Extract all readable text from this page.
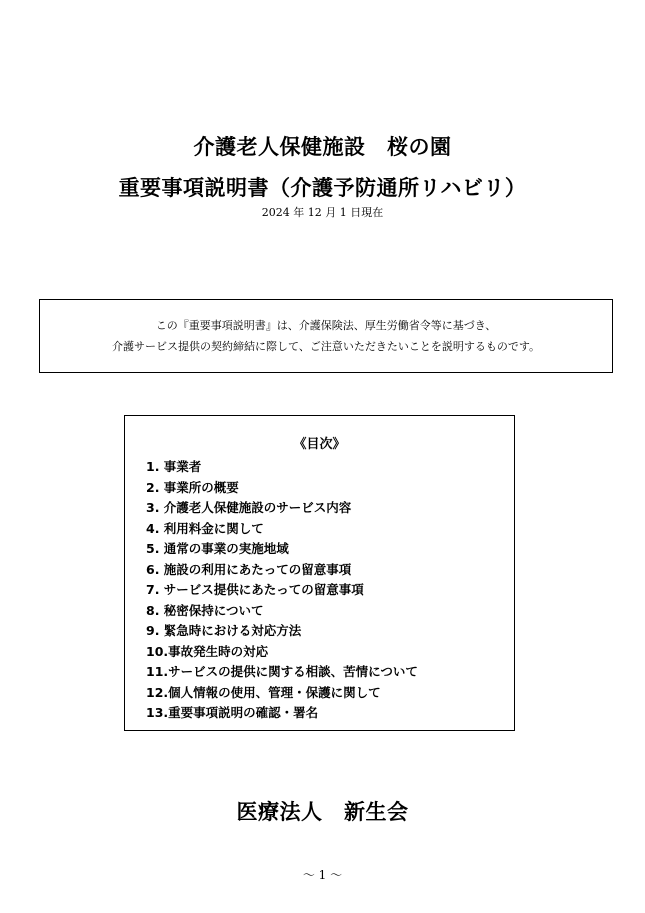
介護老人保健施設　桜の園
重要事項説明書（介護予防通所リハビリ）
2024 年 12 月 1 日現在
この『重要事項説明書』は、介護保険法、厚生労働省令等に基づき、
介護サービス提供の契約締結に際して、ご注意いただきたいことを説明するものです。
《目次》
1. 事業者
2. 事業所の概要
3. 介護老人保健施設のサービス内容
4. 利用料金に関して
5. 通常の事業の実施地域
6. 施設の利用にあたっての留意事項
7. サービス提供にあたっての留意事項
8. 秘密保持について
9. 緊急時における対応方法
10.事故発生時の対応
11.サービスの提供に関する相談、苦情について
12.個人情報の使用、管理・保護に関して
13.重要事項説明の確認・署名
医療法人　新生会
～ 1 ～
